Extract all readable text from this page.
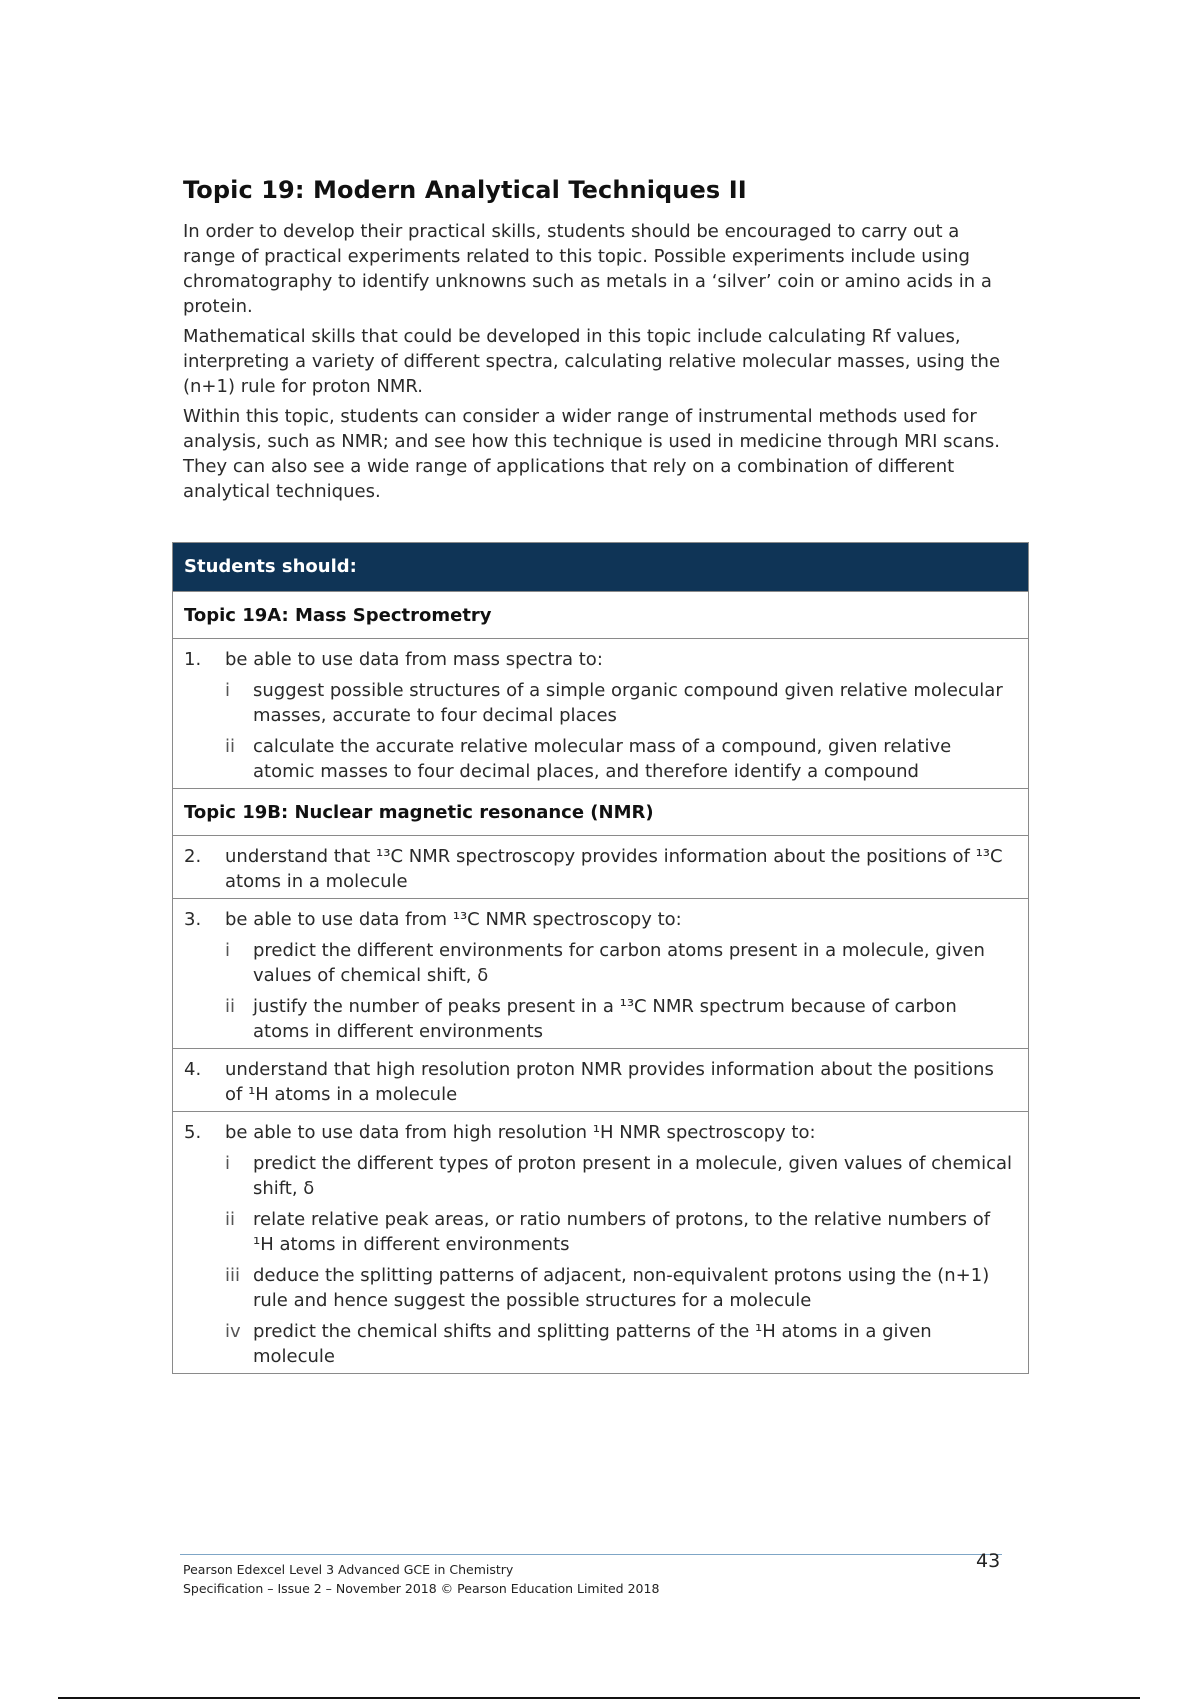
Topic 19: Modern Analytical Techniques II

In order to develop their practical skills, students should be encouraged to carry out a range of practical experiments related to this topic. Possible experiments include using chromatography to identify unknowns such as metals in a ‘silver’ coin or amino acids in a protein.

Mathematical skills that could be developed in this topic include calculating Rf values, interpreting a variety of different spectra, calculating relative molecular masses, using the (n+1) rule for proton NMR.

Within this topic, students can consider a wider range of instrumental methods used for analysis, such as NMR; and see how this technique is used in medicine through MRI scans. They can also see a wide range of applications that rely on a combination of different analytical techniques.

Students should:
Topic 19A: Mass Spectrometry
1.	be able to use data from mass spectra to:
i	suggest possible structures of a simple organic compound given relative molecular masses, accurate to four decimal places
ii calculate the accurate relative molecular mass of a compound, given relative atomic masses to four decimal places, and therefore identify a compound
Topic 19B: Nuclear magnetic resonance (NMR)
2.	understand that ¹³C NMR spectroscopy provides information about the positions of ¹³C atoms in a molecule
3.	be able to use data from ¹³C NMR spectroscopy to:
i	predict the different environments for carbon atoms present in a molecule, given values of chemical shift, δ
ii justify the number of peaks present in a ¹³C NMR spectrum because of carbon atoms in different environments
4.	understand that high resolution proton NMR provides information about the positions of ¹H atoms in a molecule
5.	be able to use data from high resolution ¹H NMR spectroscopy to:
i	predict the different types of proton present in a molecule, given values of chemical shift, δ
ii relate relative peak areas, or ratio numbers of protons, to the relative numbers of ¹H atoms in different environments
iii deduce the splitting patterns of adjacent, non-equivalent protons using the (n+1) rule and hence suggest the possible structures for a molecule
iv predict the chemical shifts and splitting patterns of the ¹H atoms in a given molecule
Pearson Edexcel Level 3 Advanced GCE in Chemistry
Specification – Issue 2 – November 2018 © Pearson Education Limited 2018
43
